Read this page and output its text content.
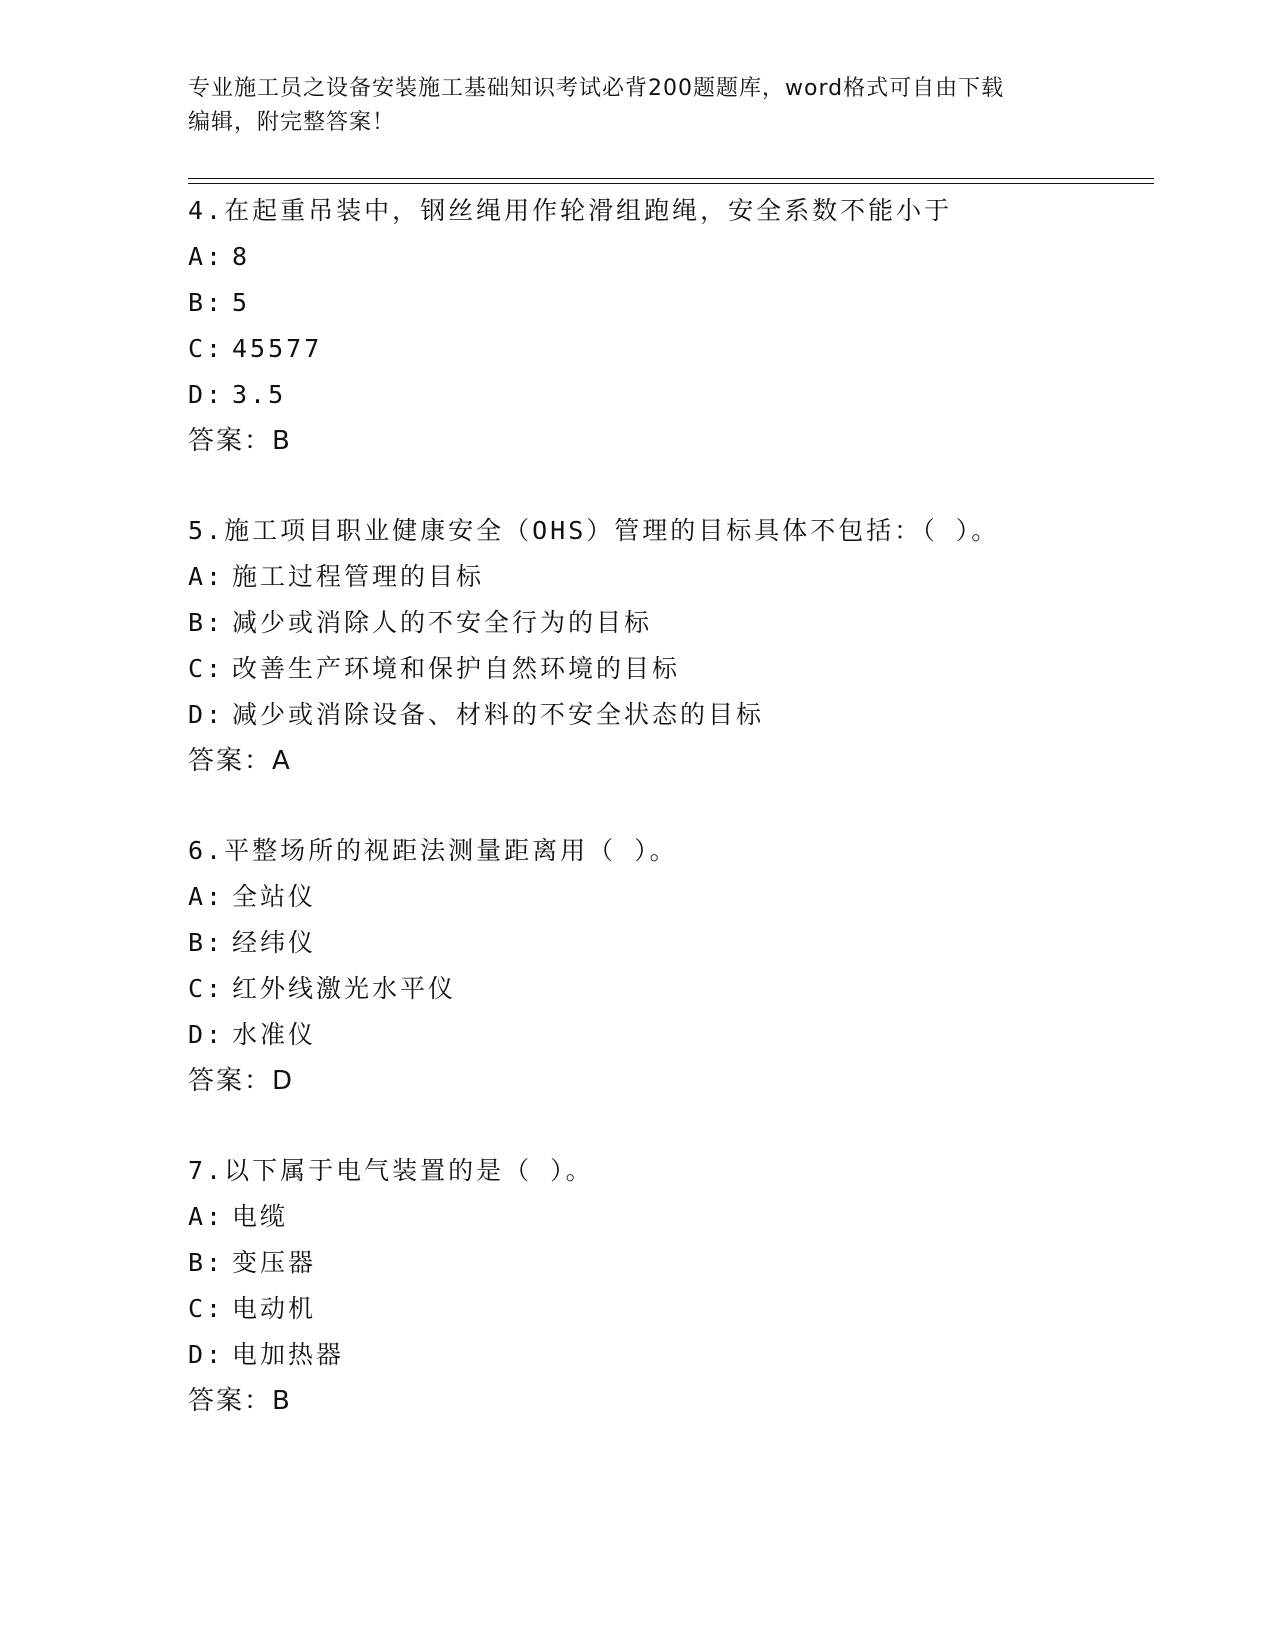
专业施工员之设备安装施工基础知识考试必背200题题库，word格式可自由下载
编辑，附完整答案！
4.在起重吊装中，钢丝绳用作轮滑组跑绳，安全系数不能小于
A: 8
B: 5
C: 45577
D: 3.5
答案：B
5.施工项目职业健康安全（OHS）管理的目标具体不包括：（ ）。
A: 施工过程管理的目标
B: 减少或消除人的不安全行为的目标
C: 改善生产环境和保护自然环境的目标
D: 减少或消除设备、材料的不安全状态的目标
答案：A
6.平整场所的视距法测量距离用（ ）。
A: 全站仪
B: 经纬仪
C: 红外线激光水平仪
D: 水准仪
答案：D
7.以下属于电气装置的是（ ）。
A: 电缆
B: 变压器
C: 电动机
D: 电加热器
答案：B
